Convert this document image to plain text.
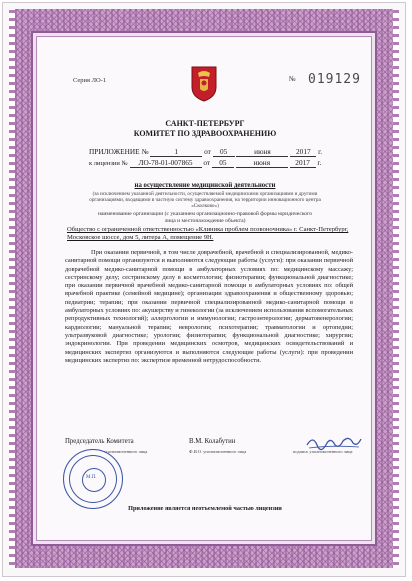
Серия ЛО-1	№ 019129
САНКТ-ПЕТЕРБУРГ
КОМИТЕТ ПО ЗДРАВООХРАНЕНИЮ
ПРИЛОЖЕНИЕ №	1	от 05	июня	2017 г.
к лицензии № ЛО-78-01-007865 от 05	июня	2017 г.
на осуществление медицинской деятельности
(за исключением указанной деятельности, осуществляемой медицинскими организациями и другими организациями, входящими в частную систему здравоохранения, на территории инновационного центра «Сколково»)
наименование организации (с указанием организационно-правовой формы юридического лица и местонахождение объекта)
Общество с ограниченной ответственностью «Клиника проблем позвоночника» г. Санкт-Петербург, Московское шоссе, дом 5, литера А, помещение 9Н.
При оказании первичной, в том числе доврачебной, врачебной и специализированной, медико-санитарной помощи организуются и выполняются следующие работы (услуги): при оказании первичной доврачебной медико-санитарной помощи в амбулаторных условиях по: медицинскому массажу; сестринскому делу; сестринскому делу в косметологии; физиотерапии; функциональной диагностике; при оказании первичной врачебной медико-санитарной помощи в амбулаторных условиях по: общей врачебной практике (семейной медицине); организации здравоохранения и общественному здоровью; педиатрии; терапии; при оказании первичной специализированной медико-санитарной помощи в амбулаторных условиях по: акушерству и гинекологии (за исключением использования вспомогательных репродуктивных технологий); аллергологии и иммунологии; гастроэнтерологии; дерматовенерологии; кардиологии; мануальной терапии; неврологии; психотерапии; травматологии и ортопедии; ультразвуковой диагностике; урологии; физиотерапии; функциональной диагностике; хирургии; эндокринологии. При проведении медицинских осмотров, медицинских освидетельствований и медицинских экспертиз организуются и выполняются следующие работы (услуги): при проведении медицинских экспертиз по: экспертизе временной нетрудоспособности.
Председатель Комитета	В.М. Колабутин
должность уполномоченного лица	Ф.И.О. уполномоченного лица	подпись уполномоченного лица
М.П.
Приложение является неотъемлемой частью лицензии
